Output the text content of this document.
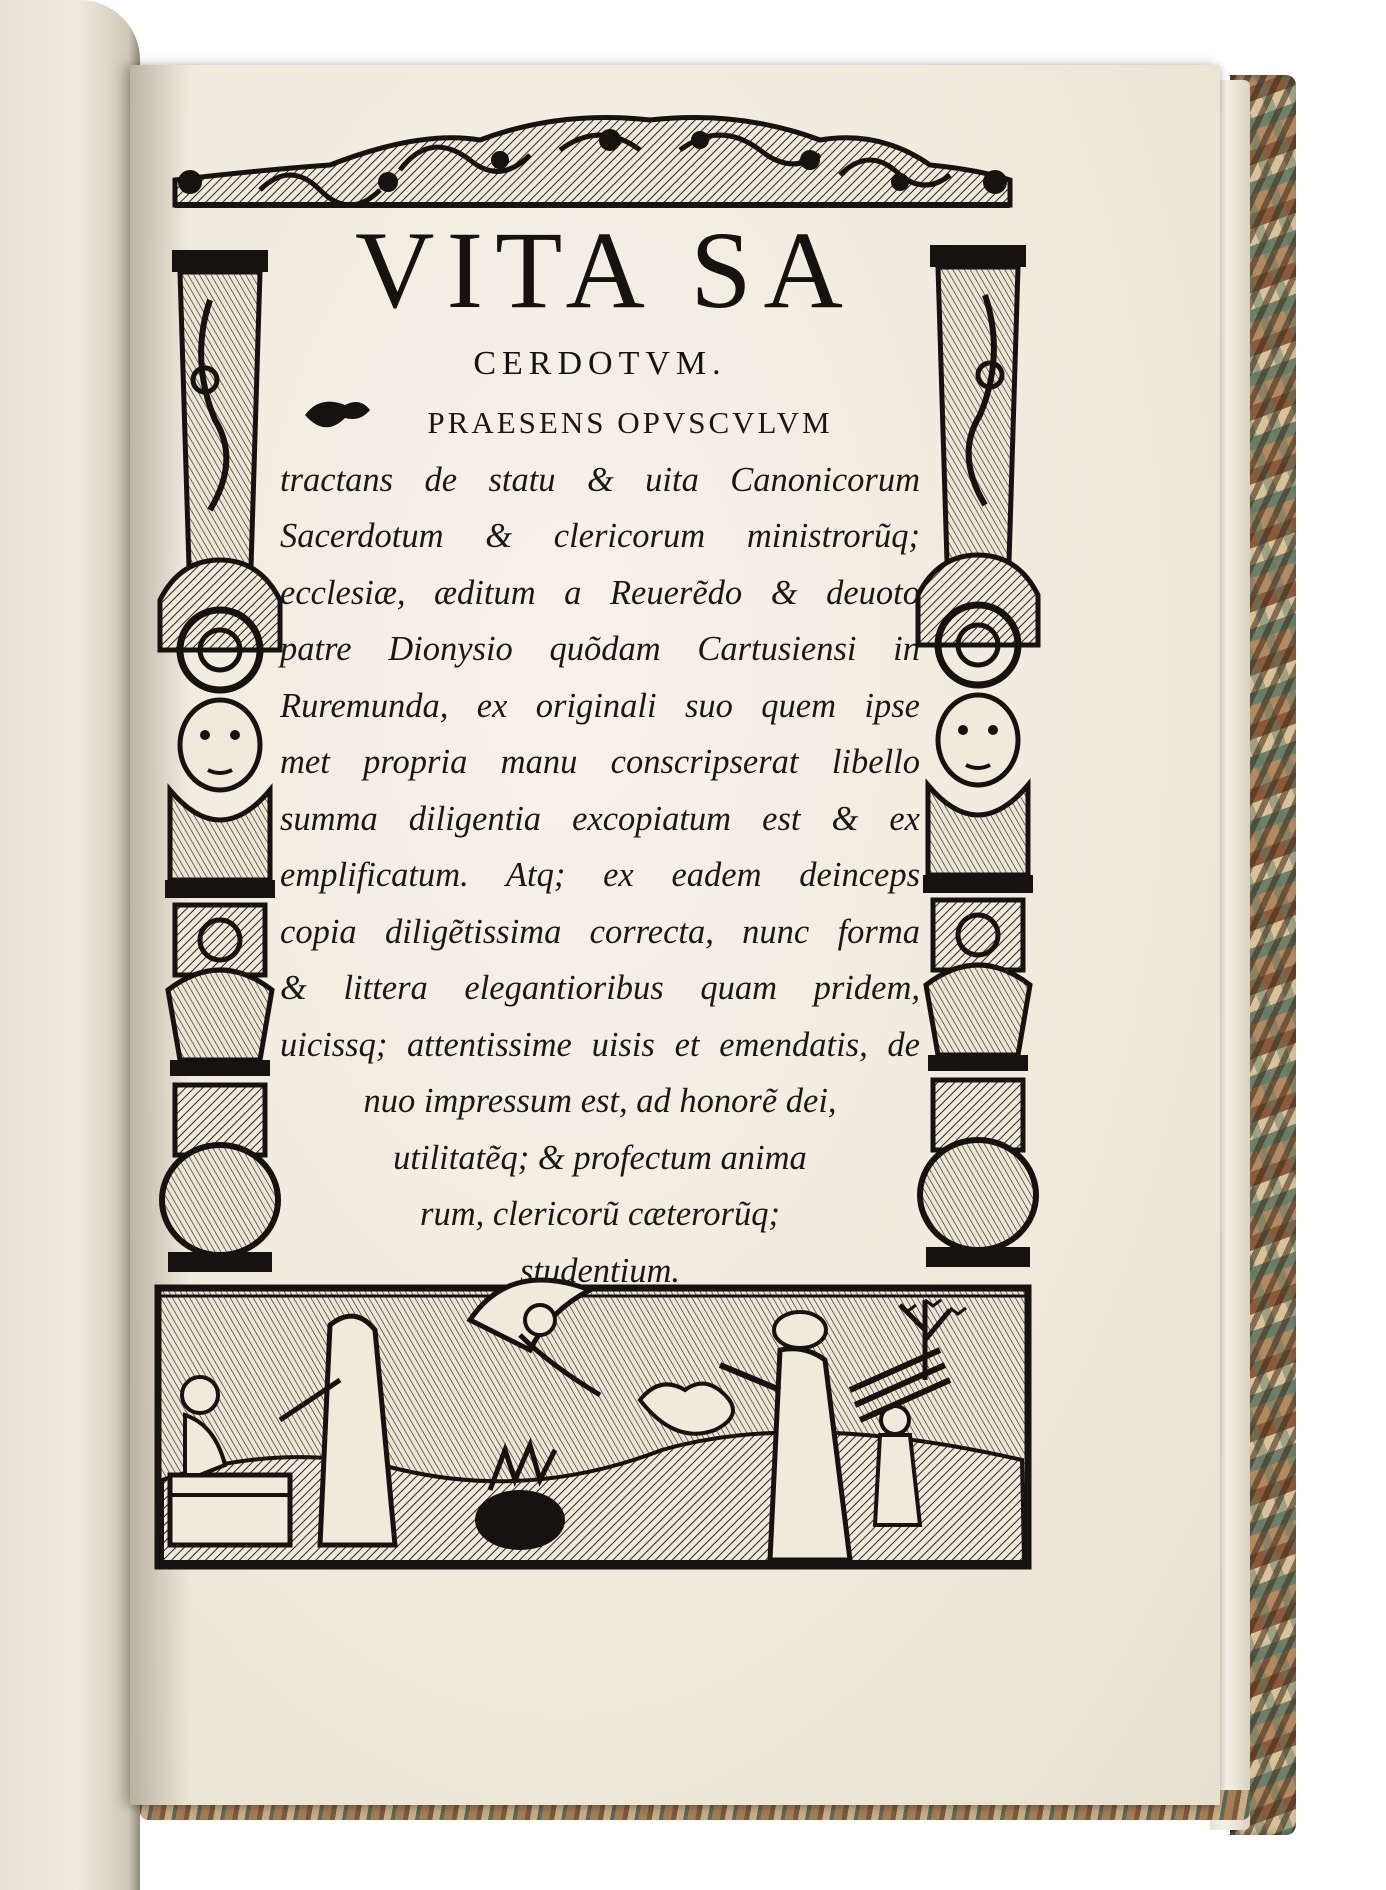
VITA SA
CERDOTVM.
PRAESENS OPVSCVLVM
tractans de statu & uita Canonicorum
Sacerdotum & clericorum ministrorũq;
ecclesiæ, æditum a Reuerẽdo & deuoto
patre Dionysio quõdam Cartusiensi in
Ruremunda, ex originali suo quem ipse
met propria manu conscripserat libello
summa diligentia excopiatum est & ex
emplificatum. Atq; ex eadem deinceps
copia diligẽtissima correcta, nunc forma
& littera elegantioribus quam pridem,
uicissq; attentissime uisis et emendatis, de
nuo impressum est, ad honorẽ dei,
utilitatẽq; & profectum anima
rum, clericorũ cæterorũq;
studentium.
